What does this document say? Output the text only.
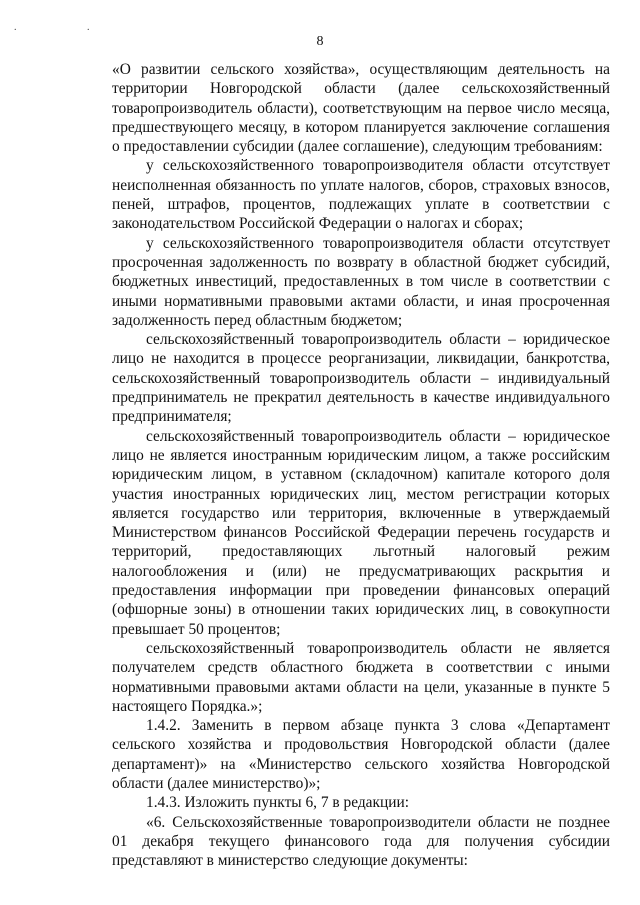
. .
8

«О развитии сельского хозяйства», осуществляющим деятельность на территории Новгородской области (далее сельскохозяйственный товаропроизводитель области), соответствующим на первое число месяца, предшествующего месяцу, в котором планируется заключение соглашения о предоставлении субсидии (далее соглашение), следующим требованиям:

у сельскохозяйственного товаропроизводителя области отсутствует неисполненная обязанность по уплате налогов, сборов, страховых взносов, пеней, штрафов, процентов, подлежащих уплате в соответствии с законодательством Российской Федерации о налогах и сборах;

у сельскохозяйственного товаропроизводителя области отсутствует просроченная задолженность по возврату в областной бюджет субсидий, бюджетных инвестиций, предоставленных в том числе в соответствии с иными нормативными правовыми актами области, и иная просроченная задолженность перед областным бюджетом;

сельскохозяйственный товаропроизводитель области – юридическое лицо не находится в процессе реорганизации, ликвидации, банкротства, сельскохозяйственный товаропроизводитель области – индивидуальный предприниматель не прекратил деятельность в качестве индивидуального предпринимателя;

сельскохозяйственный товаропроизводитель области – юридическое лицо не является иностранным юридическим лицом, а также российским юридическим лицом, в уставном (складочном) капитале которого доля участия иностранных юридических лиц, местом регистрации которых является государство или территория, включенные в утверждаемый Министерством финансов Российской Федерации перечень государств и территорий, предоставляющих льготный налоговый режим налогообложения и (или) не предусматривающих раскрытия и предоставления информации при проведении финансовых операций (офшорные зоны) в отношении таких юридических лиц, в совокупности превышает 50 процентов;

сельскохозяйственный товаропроизводитель области не является получателем средств областного бюджета в соответствии с иными нормативными правовыми актами области на цели, указанные в пункте 5 настоящего Порядка.»;

1.4.2. Заменить в первом абзаце пункта 3 слова «Департамент сельского хозяйства и продовольствия Новгородской области (далее департамент)» на «Министерство сельского хозяйства Новгородской области (далее министерство)»;

1.4.3. Изложить пункты 6, 7 в редакции:

«6. Сельскохозяйственные товаропроизводители области не позднее 01 декабря текущего финансового года для получения субсидии представляют в министерство следующие документы:
